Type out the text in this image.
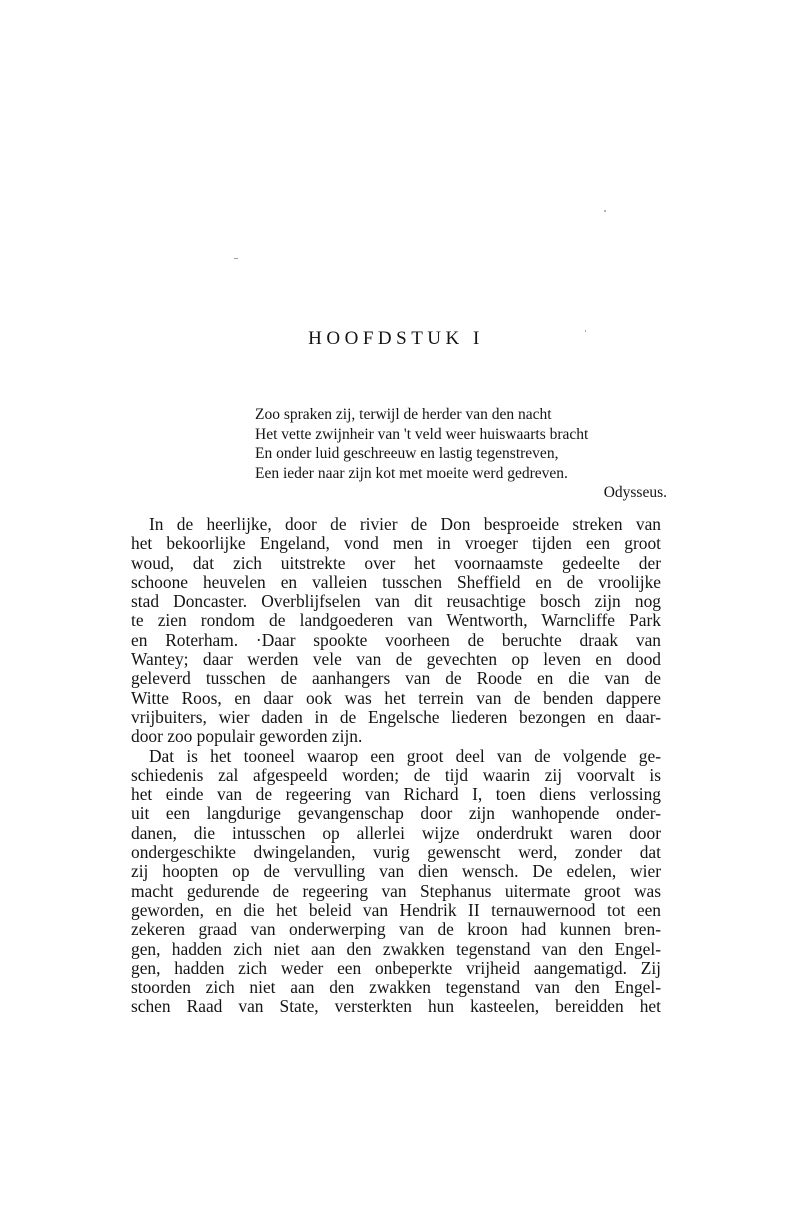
HOOFDSTUK I
Zoo spraken zij, terwijl de herder van den nacht
Het vette zwijnheir van 't veld weer huiswaarts bracht
En onder luid geschreeuw en lastig tegenstreven,
Een ieder naar zijn kot met moeite werd gedreven.
Odysseus.
In de heerlijke, door de rivier de Don besproeide streken van
het bekoorlijke Engeland, vond men in vroeger tijden een groot
woud, dat zich uitstrekte over het voornaamste gedeelte der
schoone heuvelen en valleien tusschen Sheffield en de vroolijke
stad Doncaster. Overblijfselen van dit reusachtige bosch zijn nog
te zien rondom de landgoederen van Wentworth, Warncliffe Park
en Roterham. ·Daar spookte voorheen de beruchte draak van
Wantey; daar werden vele van de gevechten op leven en dood
geleverd tusschen de aanhangers van de Roode en die van de
Witte Roos, en daar ook was het terrein van de benden dappere
vrijbuiters, wier daden in de Engelsche liederen bezongen en daar-
door zoo populair geworden zijn.
Dat is het tooneel waarop een groot deel van de volgende ge-
schiedenis zal afgespeeld worden; de tijd waarin zij voorvalt is
het einde van de regeering van Richard I, toen diens verlossing
uit een langdurige gevangenschap door zijn wanhopende onder-
danen, die intusschen op allerlei wijze onderdrukt waren door
ondergeschikte dwingelanden, vurig gewenscht werd, zonder dat
zij hoopten op de vervulling van dien wensch. De edelen, wier
macht gedurende de regeering van Stephanus uitermate groot was
geworden, en die het beleid van Hendrik II ternauwernood tot een
zekeren graad van onderwerping van de kroon had kunnen bren-
gen, hadden zich niet aan den zwakken tegenstand van den Engel-
gen, hadden zich weder een onbeperkte vrijheid aangematigd. Zij
stoorden zich niet aan den zwakken tegenstand van den Engel-
schen Raad van State, versterkten hun kasteelen, bereidden het
